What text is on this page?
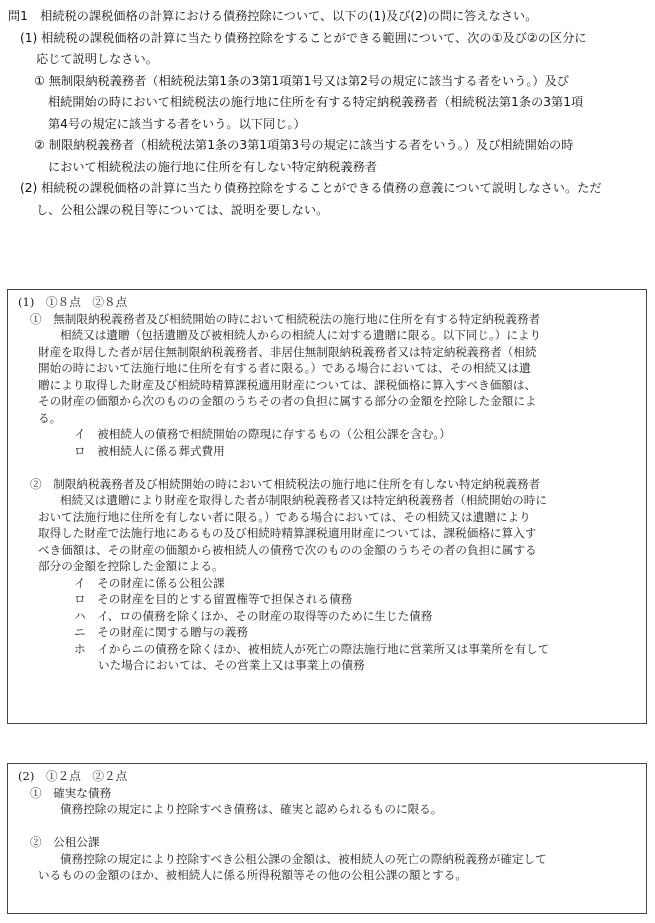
問1　相続税の課税価格の計算における債務控除について、以下の(1)及び(2)の問に答えなさい。
(1) 相続税の課税価格の計算に当たり債務控除をすることができる範囲について、次の①及び②の区分に
応じて説明しなさい。
① 無制限納税義務者（相続税法第1条の3第1項第1号又は第2号の規定に該当する者をいう。）及び
相続開始の時において相続税法の施行地に住所を有する特定納税義務者（相続税法第1条の3第1項
第4号の規定に該当する者をいう。以下同じ。）
② 制限納税義務者（相続税法第1条の3第1項第3号の規定に該当する者をいう。）及び相続開始の時
において相続税法の施行地に住所を有しない特定納税義務者
(2) 相続税の課税価格の計算に当たり債務控除をすることができる債務の意義について説明しなさい。ただ
し、公租公課の税目等については、説明を要しない。
(1)　①８点　②８点
①　無制限納税義務者及び相続開始の時において相続税法の施行地に住所を有する特定納税義務者
相続又は遺贈（包括遺贈及び被相続人からの相続人に対する遺贈に限る。以下同じ。）により
財産を取得した者が居住無制限納税義務者、非居住無制限納税義務者又は特定納税義務者（相続
開始の時において法施行地に住所を有する者に限る。）である場合においては、その相続又は遺
贈により取得した財産及び相続時精算課税適用財産については、課税価格に算入すべき価額は、
その財産の価額から次のものの金額のうちその者の負担に属する部分の金額を控除した金額によ
る。
イ　被相続人の債務で相続開始の際現に存するもの（公租公課を含む。）
ロ　被相続人に係る葬式費用
②　制限納税義務者及び相続開始の時において相続税法の施行地に住所を有しない特定納税義務者
相続又は遺贈により財産を取得した者が制限納税義務者又は特定納税義務者（相続開始の時に
おいて法施行地に住所を有しない者に限る。）である場合においては、その相続又は遺贈により
取得した財産で法施行地にあるもの及び相続時精算課税適用財産については、課税価格に算入す
べき価額は、その財産の価額から被相続人の債務で次のものの金額のうちその者の負担に属する
部分の金額を控除した金額による。
イ　その財産に係る公租公課
ロ　その財産を目的とする留置権等で担保される債務
ハ　イ、ロの債務を除くほか、その財産の取得等のために生じた債務
ニ　その財産に関する贈与の義務
ホ　イからニの債務を除くほか、被相続人が死亡の際法施行地に営業所又は事業所を有して
いた場合においては、その営業上又は事業上の債務
(2)　①２点　②２点
①　確実な債務
債務控除の規定により控除すべき債務は、確実と認められるものに限る。
②　公租公課
債務控除の規定により控除すべき公租公課の金額は、被相続人の死亡の際納税義務が確定して
いるものの金額のほか、被相続人に係る所得税額等その他の公租公課の額とする。
